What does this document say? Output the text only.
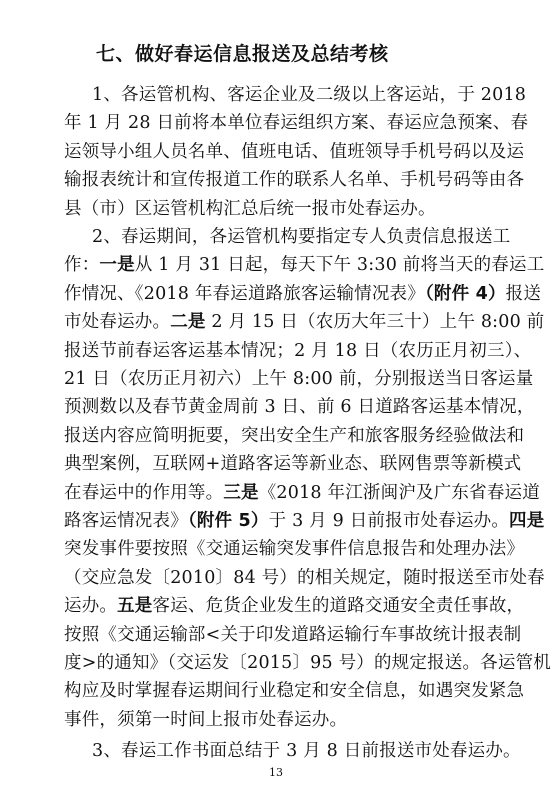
七、做好春运信息报送及总结考核
1、各运管机构、客运企业及二级以上客运站，于 2018
年 1 月 28 日前将本单位春运组织方案、春运应急预案、春
运领导小组人员名单、值班电话、值班领导手机号码以及运
输报表统计和宣传报道工作的联系人名单、手机号码等由各
县（市）区运管机构汇总后统一报市处春运办。
2、春运期间，各运管机构要指定专人负责信息报送工
作：一是从 1 月 31 日起，每天下午 3:30 前将当天的春运工
作情况、《2018 年春运道路旅客运输情况表》（附件 4）报送
市处春运办。二是 2 月 15 日（农历大年三十）上午 8:00 前
报送节前春运客运基本情况；2 月 18 日（农历正月初三）、
21 日（农历正月初六）上午 8:00 前，分别报送当日客运量
预测数以及春节黄金周前 3 日、前 6 日道路客运基本情况，
报送内容应简明扼要，突出安全生产和旅客服务经验做法和
典型案例，互联网+道路客运等新业态、联网售票等新模式
在春运中的作用等。三是《2018 年江浙闽沪及广东省春运道
路客运情况表》（附件 5）于 3 月 9 日前报市处春运办。四是
突发事件要按照《交通运输突发事件信息报告和处理办法》
（交应急发〔2010〕84 号）的相关规定，随时报送至市处春
运办。五是客运、危货企业发生的道路交通安全责任事故，
按照《交通运输部<关于印发道路运输行车事故统计报表制
度>的通知》（交运发〔2015〕95 号）的规定报送。各运管机
构应及时掌握春运期间行业稳定和安全信息，如遇突发紧急
事件，须第一时间上报市处春运办。
3、春运工作书面总结于 3 月 8 日前报送市处春运办。
13
